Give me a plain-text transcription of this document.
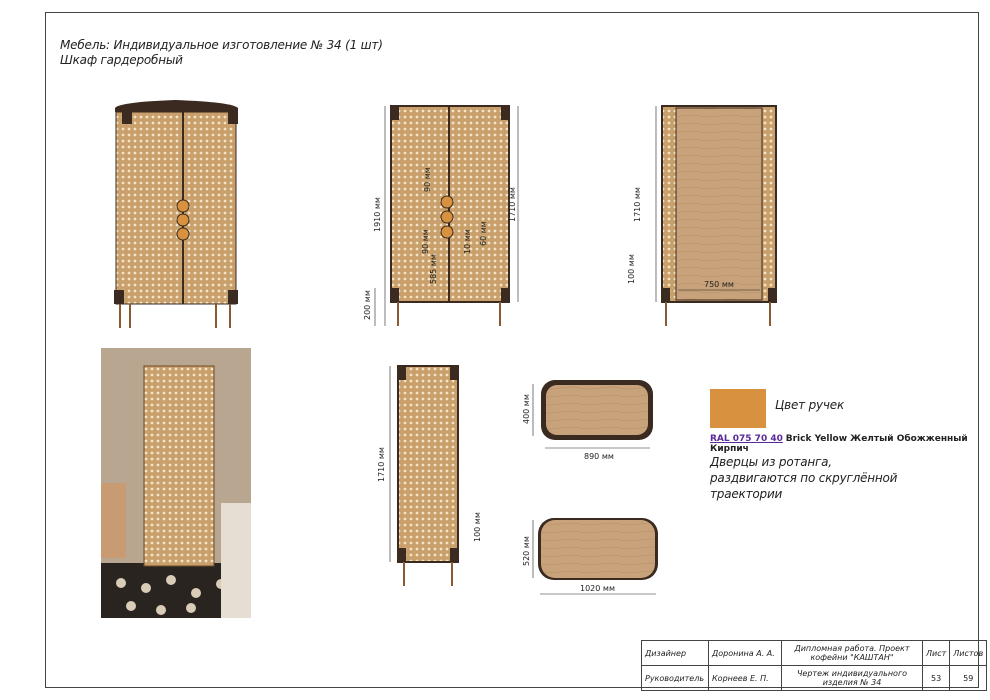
Мебель: Индивидуальное изготовление № 34 (1 шт)
Шкаф гардеробный
1910 мм	1710 мм
200 мм
90 мм
90 мм	10 мм 60 мм
585 мм
1710 мм
100 мм
750 мм
1710 мм
100 мм
400 мм
890 мм
520 мм
1020 мм
Цвет ручек
RAL 075 70 40 Brick Yellow Желтый Обожженный Кирпич
Дверцы из ротанга, раздвигаются по скруглённой траектории
Дизайнер	Доронина А. А.	Дипломная работа. Проект кофейни "КАШТАН"	Лист	Листов
Руководитель	Корнеев Е. П.	Чертеж индивидуального изделия № 34	53	59
